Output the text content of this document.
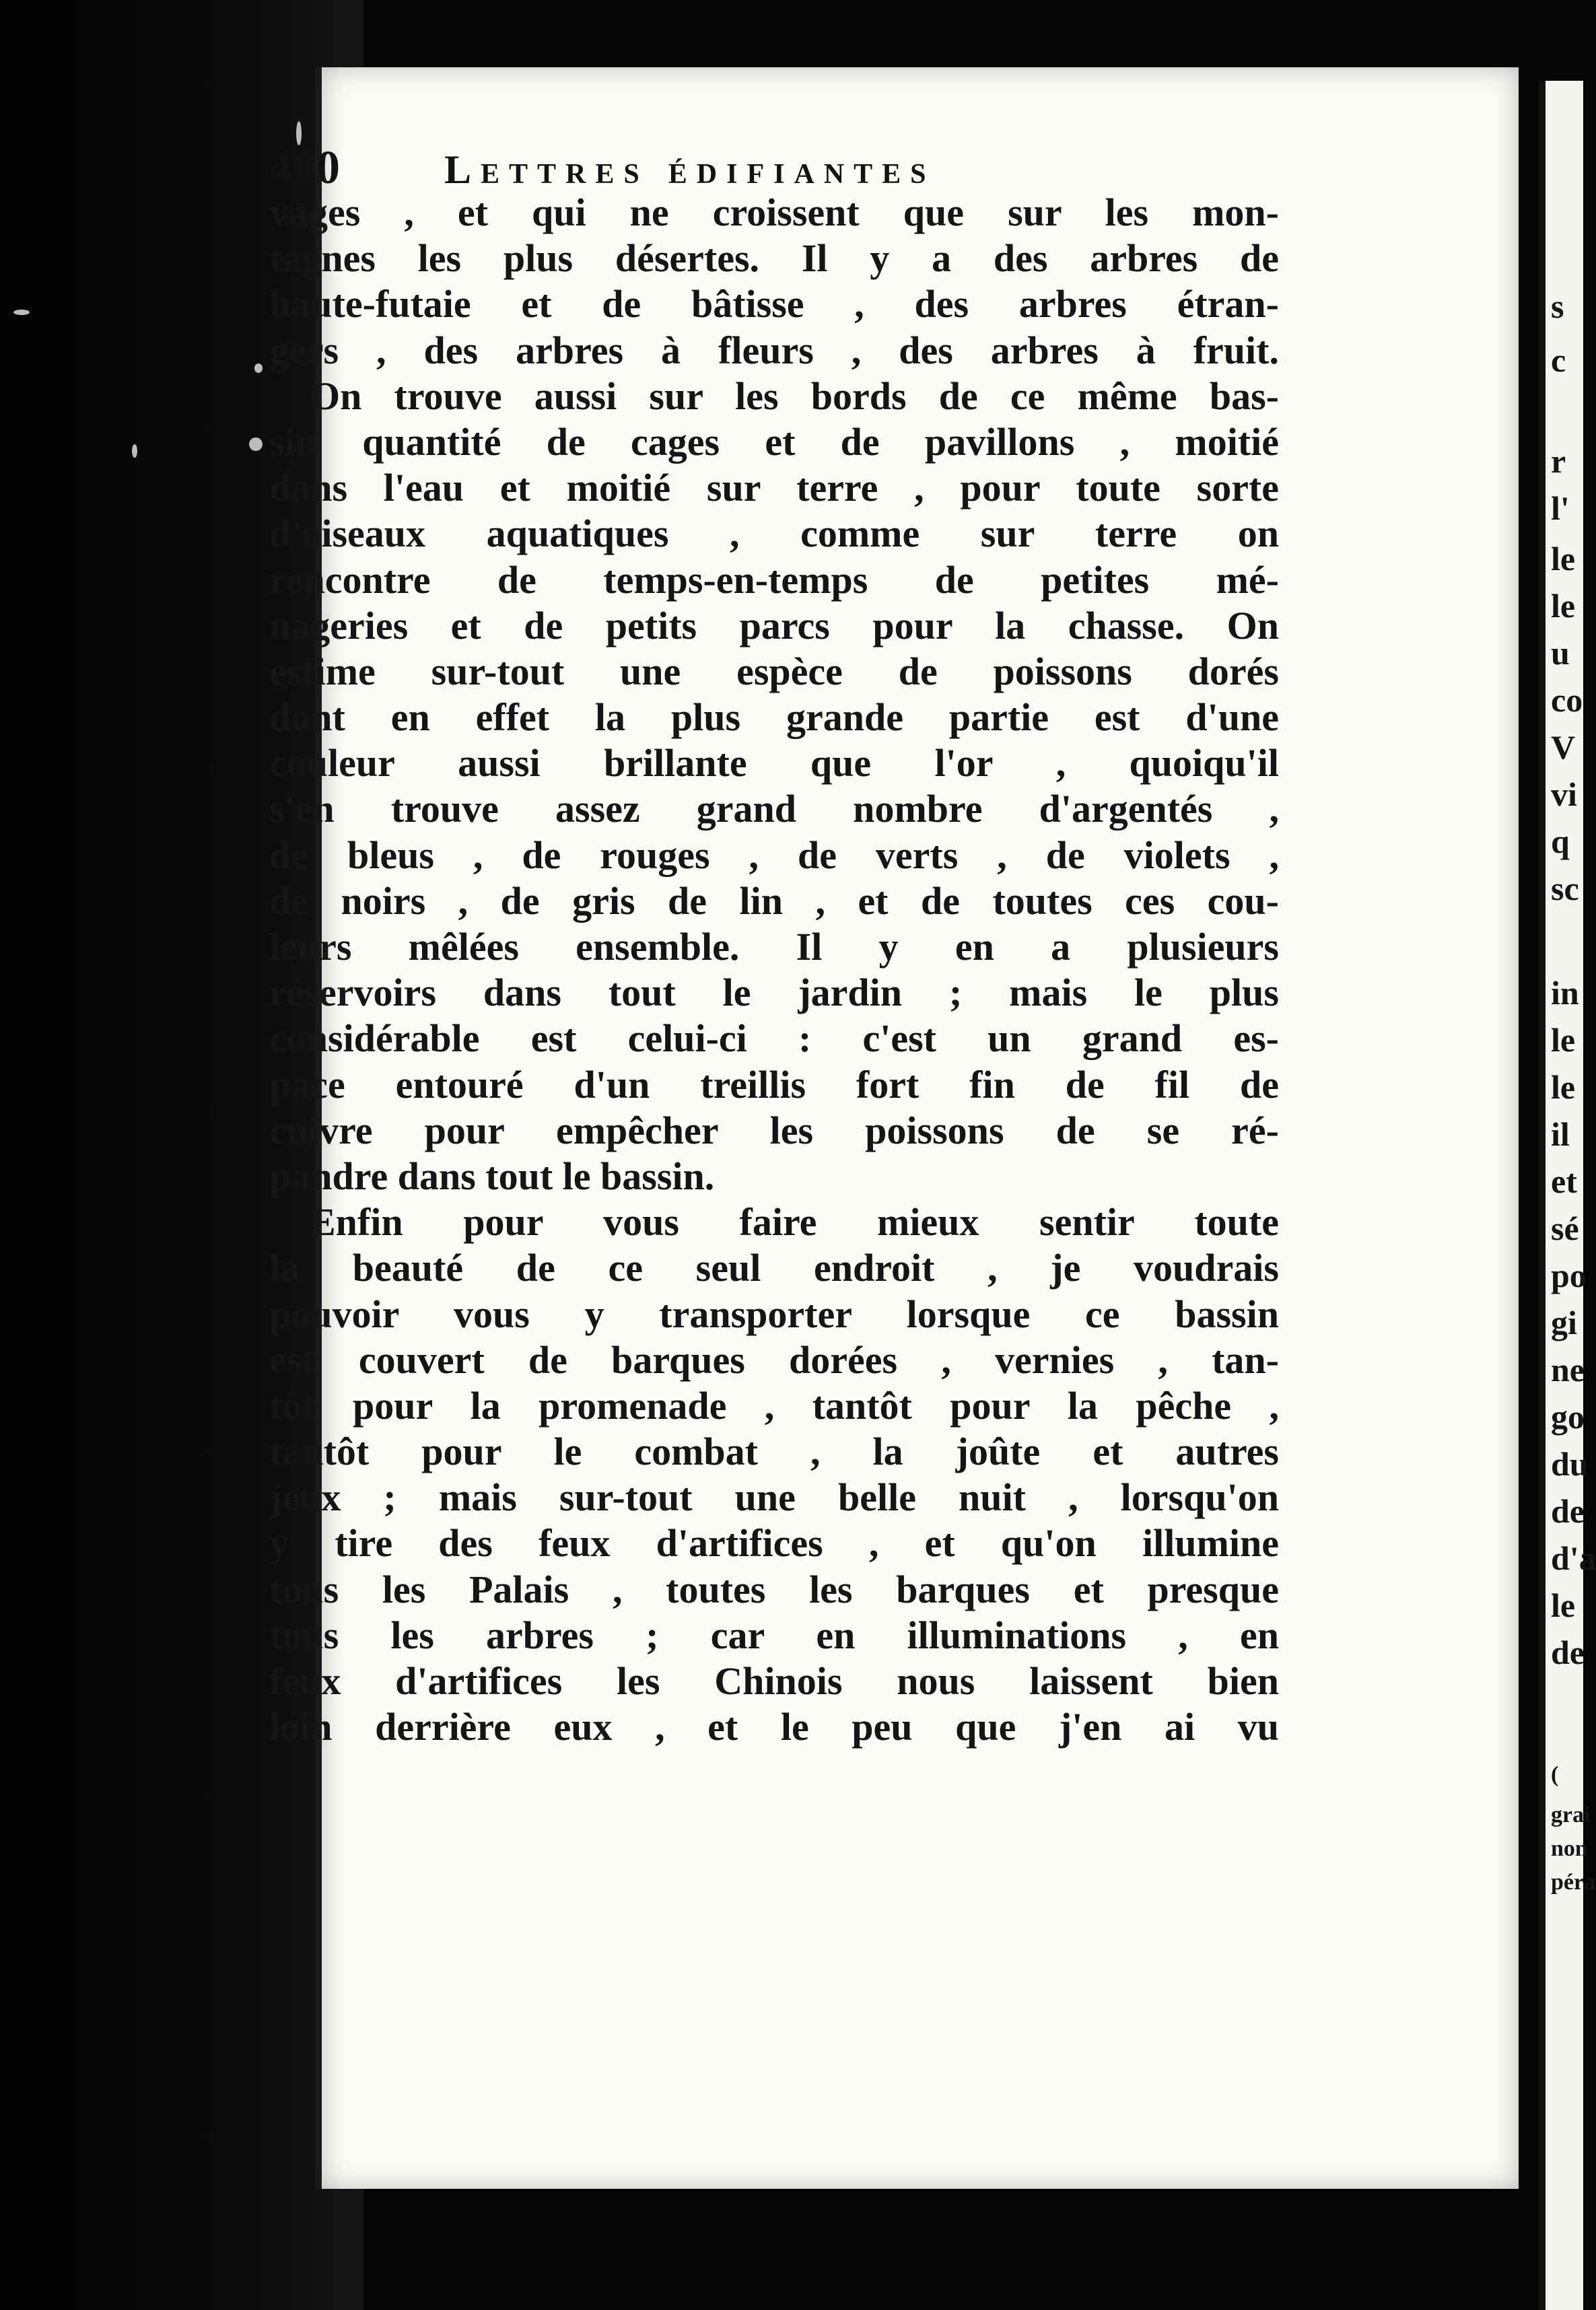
s
c
r
l'
le
le
u
co
V
vi
q
sc
in
le
le
il
et
sé
po
gi
ne
go
du
de
d'a
le
de
(
grai
non
péra
400	Lettres édifiantes
vages , et qui ne croissent que sur les mon-
tagnes les plus désertes. Il y a des arbres de
haute-futaie et de bâtisse , des arbres étran-
gers , des arbres à fleurs , des arbres à fruit.
On trouve aussi sur les bords de ce même bas-
sin quantité de cages et de pavillons , moitié
dans l'eau et moitié sur terre , pour toute sorte
d'oiseaux aquatiques , comme sur terre on
rencontre de temps-en-temps de petites mé-
nageries et de petits parcs pour la chasse. On
estime sur-tout une espèce de poissons dorés
dont en effet la plus grande partie est d'une
couleur aussi brillante que l'or , quoiqu'il
s'en trouve assez grand nombre d'argentés ,
de bleus , de rouges , de verts , de violets ,
de noirs , de gris de lin , et de toutes ces cou-
leurs mêlées ensemble. Il y en a plusieurs
réservoirs dans tout le jardin ; mais le plus
considérable est celui-ci : c'est un grand es-
pace entouré d'un treillis fort fin de fil de
cuivre pour empêcher les poissons de se ré-
pandre dans tout le bassin.
Enfin pour vous faire mieux sentir toute
la beauté de ce seul endroit , je voudrais
pouvoir vous y transporter lorsque ce bassin
est couvert de barques dorées , vernies , tan-
tôt pour la promenade , tantôt pour la pêche ,
tantôt pour le combat , la joûte et autres
jeux ; mais sur-tout une belle nuit , lorsqu'on
y tire des feux d'artifices , et qu'on illumine
tous les Palais , toutes les barques et presque
tous les arbres ; car en illuminations , en
feux d'artifices les Chinois nous laissent bien
loin derrière eux , et le peu que j'en ai vu
